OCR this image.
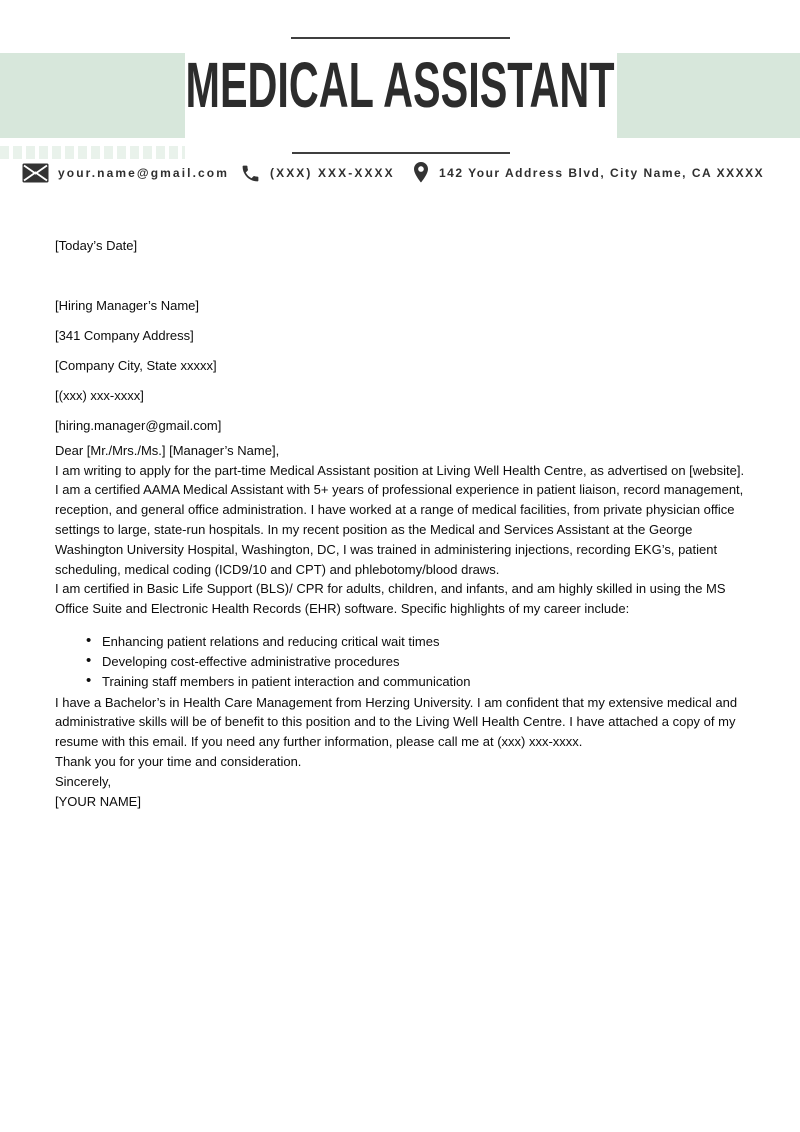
MEDICAL ASSISTANT
your.name@gmail.com	(XXX) XXX-XXXX	142 Your Address Blvd, City Name, CA XXXXX

[Today’s Date]

[Hiring Manager’s Name]

[341 Company Address]

[Company City, State xxxxx]

[(xxx) xxx-xxxx]

[hiring.manager@gmail.com]

Dear [Mr./Mrs./Ms.] [Manager’s Name],

I am writing to apply for the part-time Medical Assistant position at Living Well Health Centre, as advertised on [website]. I am a certified AAMA Medical Assistant with 5+ years of professional experience in patient liaison, record management, reception, and general office administration. I have worked at a range of medical facilities, from private physician office settings to large, state-run hospitals. In my recent position as the Medical and Services Assistant at the George Washington University Hospital, Washington, DC, I was trained in administering injections, recording EKG’s, patient scheduling, medical coding (ICD9/10 and CPT) and phlebotomy/blood draws.

I am certified in Basic Life Support (BLS)/ CPR for adults, children, and infants, and am highly skilled in using the MS Office Suite and Electronic Health Records (EHR) software. Specific highlights of my career include:

• Enhancing patient relations and reducing critical wait times
• Developing cost-effective administrative procedures
• Training staff members in patient interaction and communication

I have a Bachelor’s in Health Care Management from Herzing University. I am confident that my extensive medical and administrative skills will be of benefit to this position and to the Living Well Health Centre. I have attached a copy of my resume with this email. If you need any further information, please call me at (xxx) xxx-xxxx.

Thank you for your time and consideration.

Sincerely,

[YOUR NAME]
